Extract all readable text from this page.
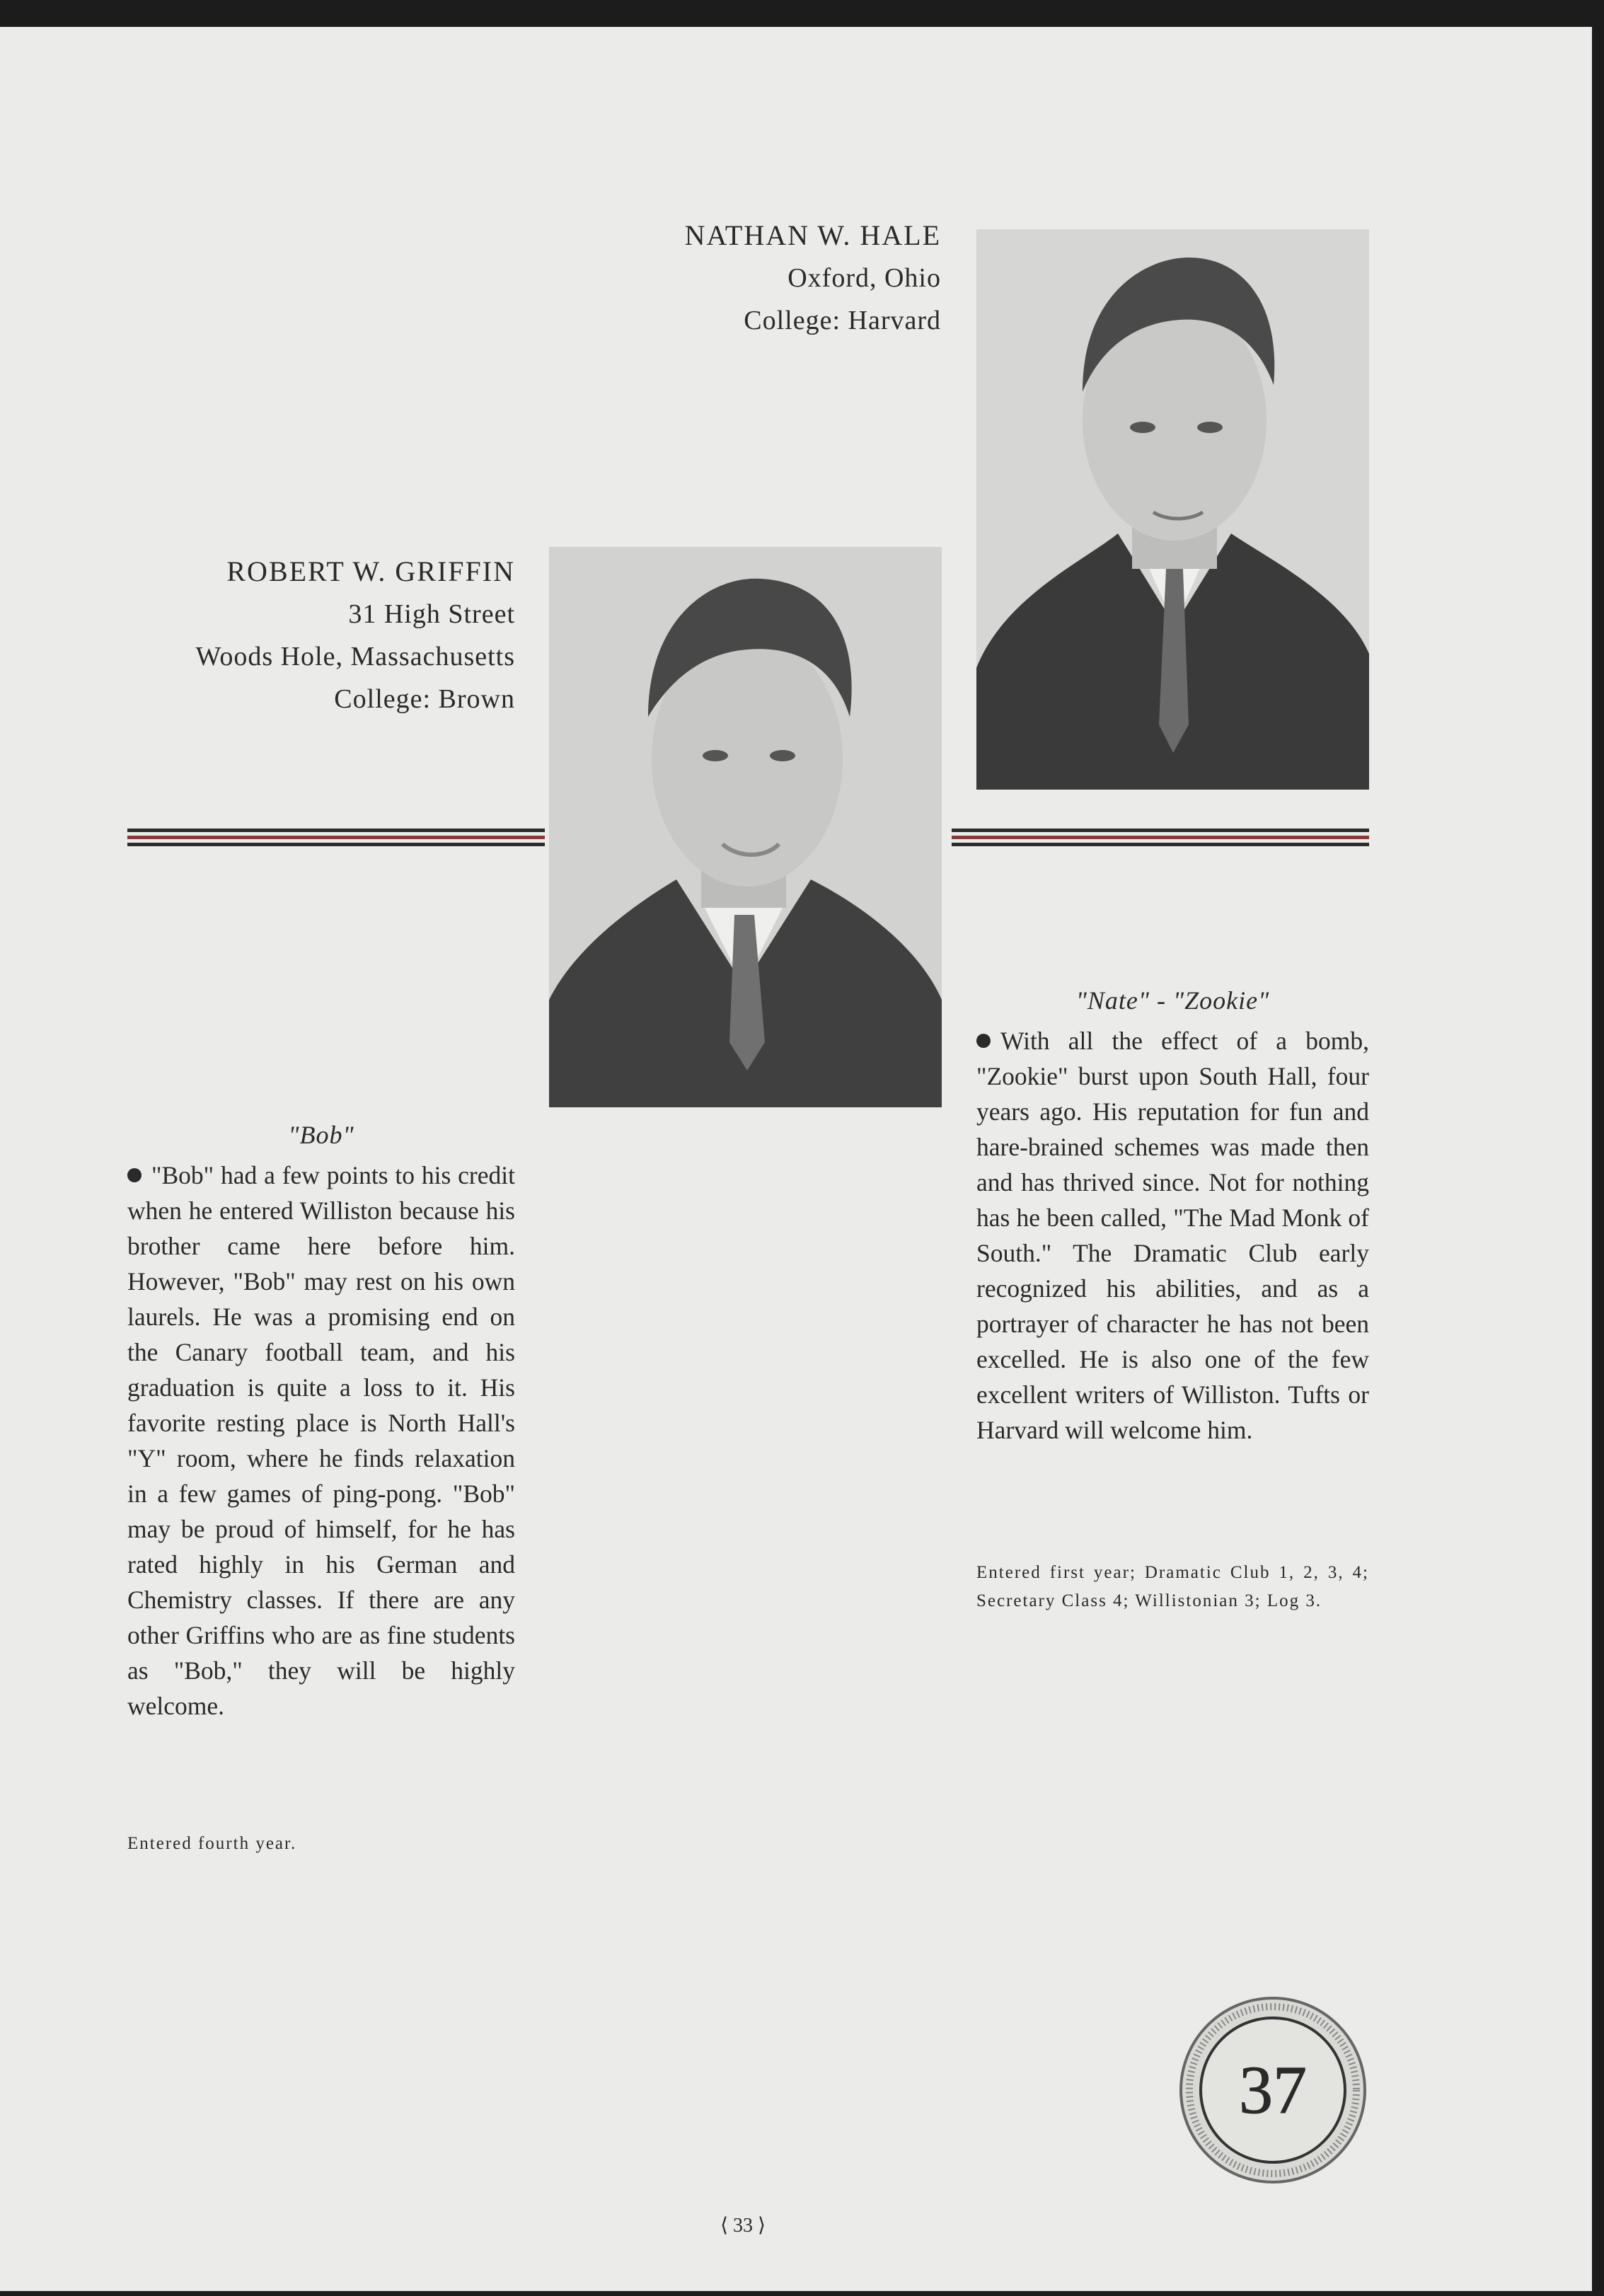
NATHAN W. HALE
Oxford, Ohio
College: Harvard
ROBERT W. GRIFFIN
31 High Street
Woods Hole, Massachusetts
College: Brown
"Nate" - "Zookie"

With all the effect of a bomb, "Zookie" burst upon South Hall, four years ago. His reputation for fun and hare-brained schemes was made then and has thrived since. Not for nothing has he been called, "The Mad Monk of South." The Dramatic Club early recognized his abilities, and as a portrayer of character he has not been excelled. He is also one of the few excellent writers of Williston. Tufts or Harvard will welcome him.

Entered first year; Dramatic Club 1, 2, 3, 4; Secretary Class 4; Willistonian 3; Log 3.

"Bob"

"Bob" had a few points to his credit when he entered Williston because his brother came here before him. However, "Bob" may rest on his own laurels. He was a promising end on the Canary football team, and his graduation is quite a loss to it. His favorite resting place is North Hall's "Y" room, where he finds relaxation in a few games of ping-pong. "Bob" may be proud of himself, for he has rated highly in his German and Chemistry classes. If there are any other Griffins who are as fine students as "Bob," they will be highly welcome.

Entered fourth year.

⟨ 33 ⟩
37
